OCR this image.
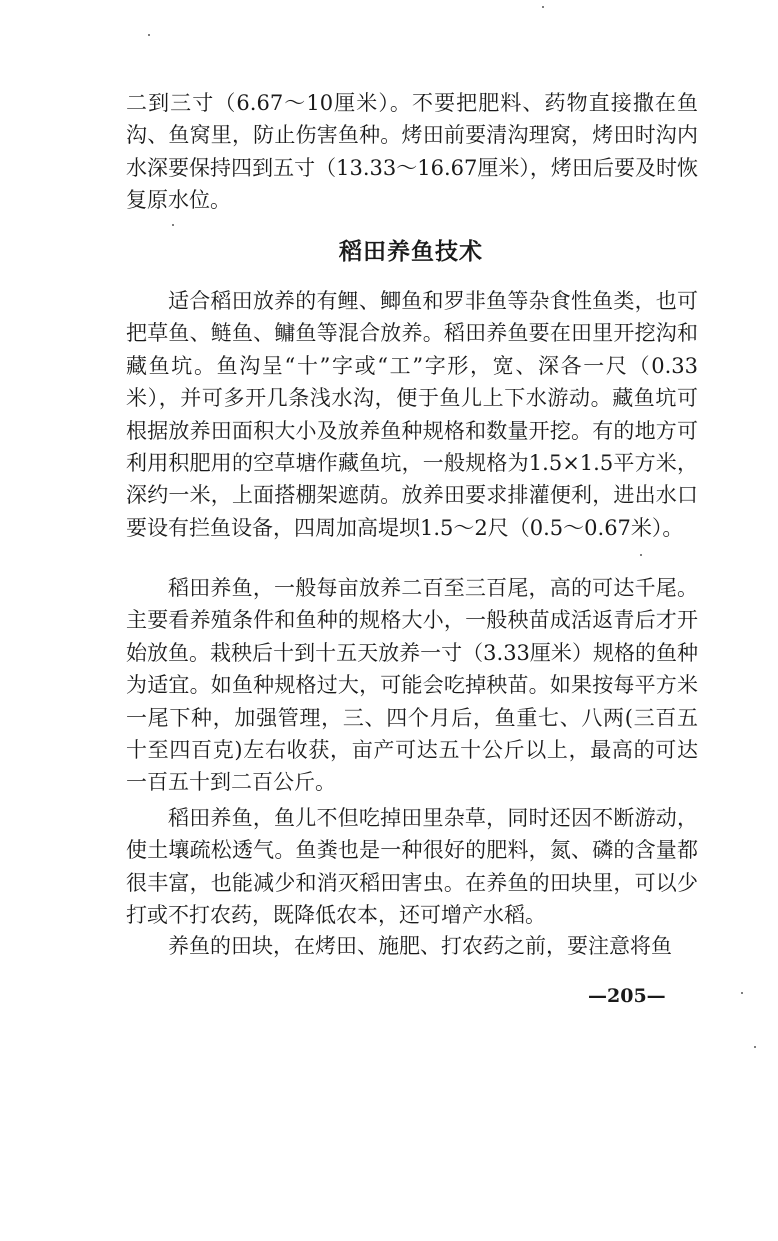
二到三寸（6.67～10厘米）。不要把肥料、药物直接撒在鱼沟、鱼窝里，防止伤害鱼种。烤田前要清沟理窝，烤田时沟内水深要保持四到五寸（13.33～16.67厘米），烤田后要及时恢复原水位。

稻田养鱼技术

适合稻田放养的有鲤、鲫鱼和罗非鱼等杂食性鱼类，也可把草鱼、鲢鱼、鳙鱼等混合放养。稻田养鱼要在田里开挖沟和藏鱼坑。鱼沟呈“十”字或“工”字形，宽、深各一尺（0.33米），并可多开几条浅水沟，便于鱼儿上下水游动。藏鱼坑可根据放养田面积大小及放养鱼种规格和数量开挖。有的地方可利用积肥用的空草塘作藏鱼坑，一般规格为1.5×1.5平方米，深约一米，上面搭棚架遮荫。放养田要求排灌便利，进出水口要设有拦鱼设备，四周加高堤坝1.5～2尺（0.5～0.67米）。

稻田养鱼，一般每亩放养二百至三百尾，高的可达千尾。主要看养殖条件和鱼种的规格大小，一般秧苗成活返青后才开始放鱼。栽秧后十到十五天放养一寸（3.33厘米）规格的鱼种为适宜。如鱼种规格过大，可能会吃掉秧苗。如果按每平方米一尾下种，加强管理，三、四个月后，鱼重七、八两(三百五十至四百克)左右收获，亩产可达五十公斤以上，最高的可达一百五十到二百公斤。

稻田养鱼，鱼儿不但吃掉田里杂草，同时还因不断游动，使土壤疏松透气。鱼粪也是一种很好的肥料，氮、磷的含量都很丰富，也能减少和消灭稻田害虫。在养鱼的田块里，可以少打或不打农药，既降低农本，还可增产水稻。

养鱼的田块，在烤田、施肥、打农药之前，要注意将鱼

—205—
